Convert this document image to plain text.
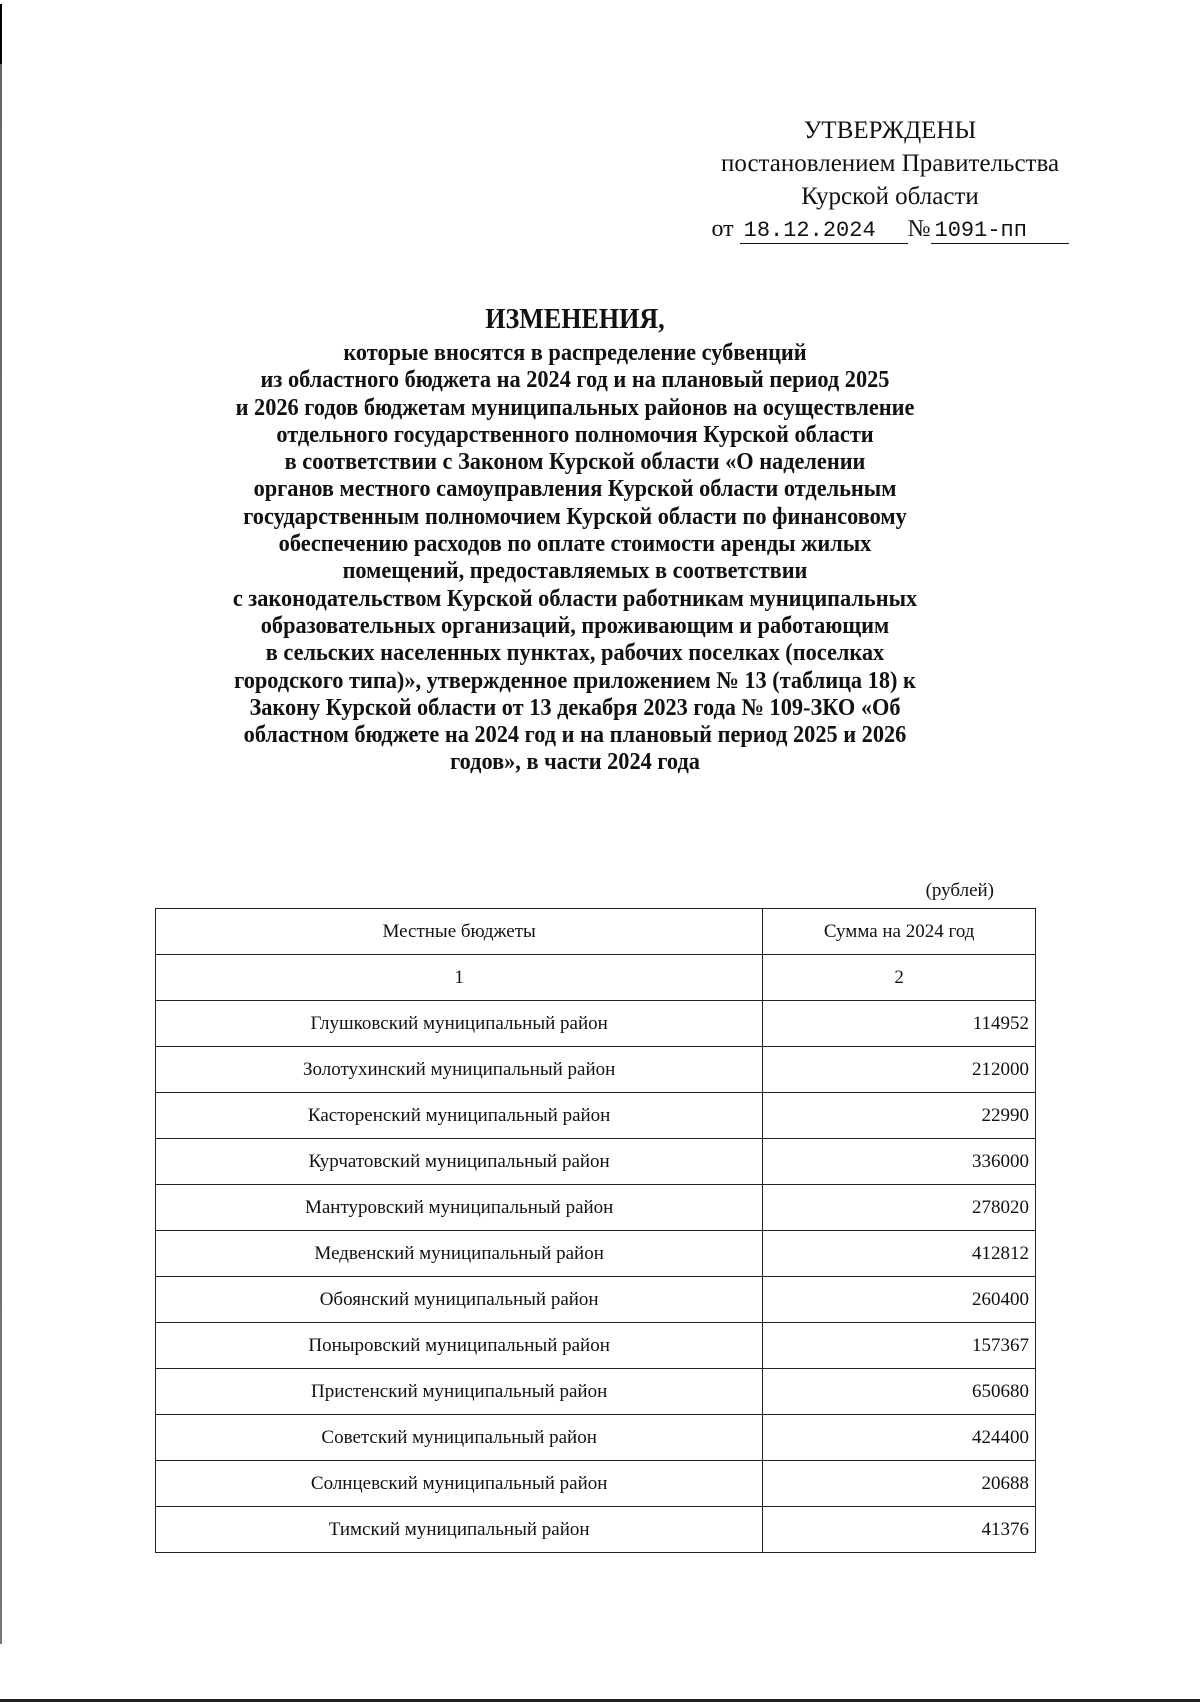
УТВЕРЖДЕНЫ
постановлением Правительства
Курской области
от 18.12.2024 № 1091-пп
ИЗМЕНЕНИЯ,
которые вносятся в распределение субвенций
из областного бюджета на 2024 год и на плановый период 2025
и 2026 годов бюджетам муниципальных районов на осуществление
отдельного государственного полномочия Курской области
в соответствии с Законом Курской области «О наделении
органов местного самоуправления Курской области отдельным
государственным полномочием Курской области по финансовому
обеспечению расходов по оплате стоимости аренды жилых
помещений, предоставляемых в соответствии
с законодательством Курской области работникам муниципальных
образовательных организаций, проживающим и работающим
в сельских населенных пунктах, рабочих поселках (поселках
городского типа)», утвержденное приложением № 13 (таблица 18) к
Закону Курской области от 13 декабря 2023 года № 109-ЗКО «Об
областном бюджете на 2024 год и на плановый период 2025 и 2026
годов», в части 2024 года
(рублей)
Местные бюджеты	Сумма на 2024 год
1	2
Глушковский муниципальный район	114952
Золотухинский муниципальный район	212000
Касторенский муниципальный район	22990
Курчатовский муниципальный район	336000
Мантуровский муниципальный район	278020
Медвенский муниципальный район	412812
Обоянский муниципальный район	260400
Поныровский муниципальный район	157367
Пристенский муниципальный район	650680
Советский муниципальный район	424400
Солнцевский муниципальный район	20688
Тимский муниципальный район	41376
